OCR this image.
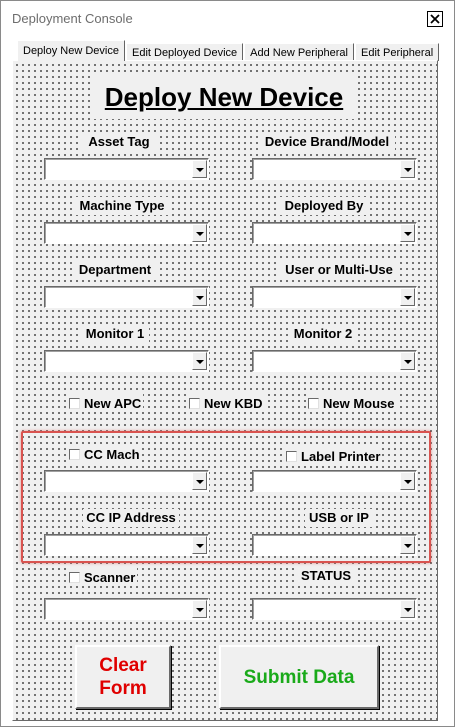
Deployment Console
Deploy New Device	Edit Deployed Device	Add New Peripheral	Edit Peripheral
Deploy New Device
Asset Tag	Device Brand/Model
Machine Type	Deployed By
Department	User or Multi-Use
Monitor 1	Monitor 2
New APC	New KBD	New Mouse
CC Mach	Label Printer
CC IP Address	USB or IP
Scanner	STATUS
Clear
Form
Submit Data
